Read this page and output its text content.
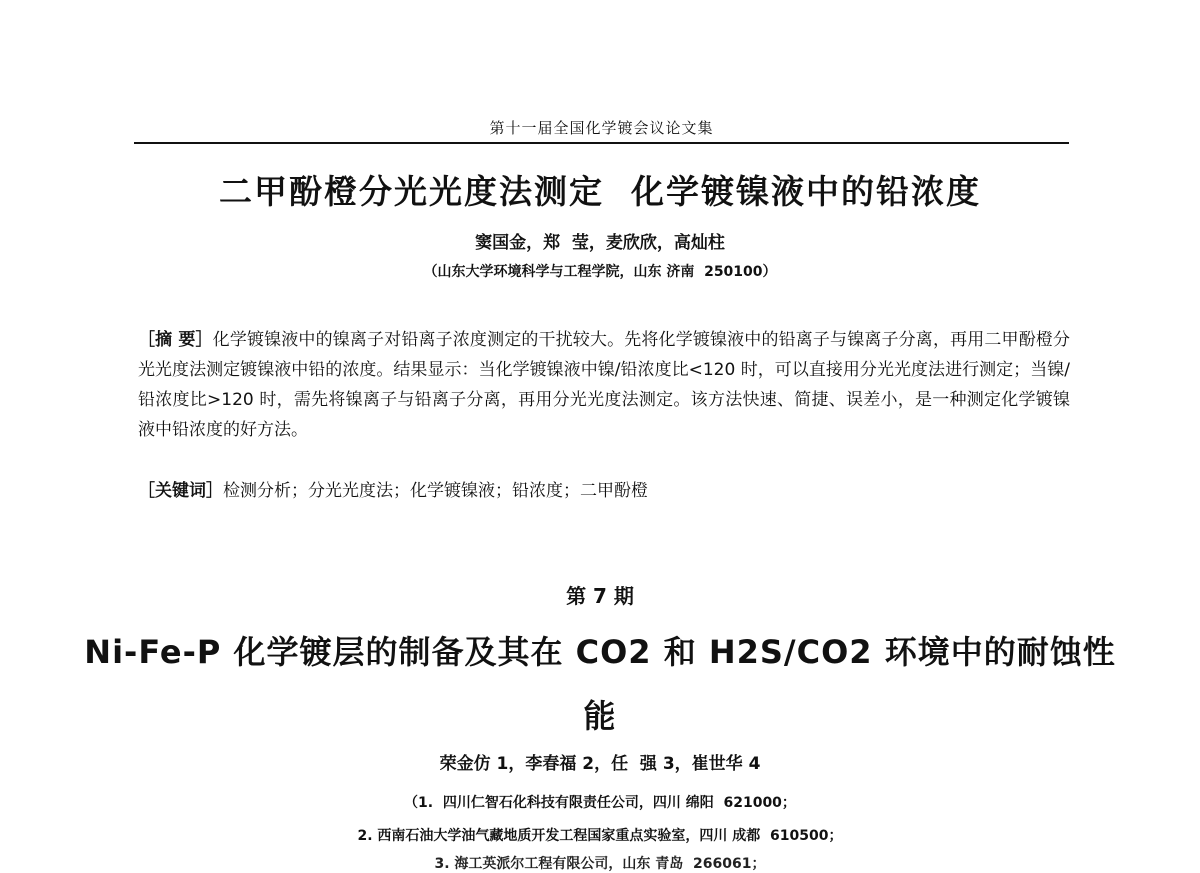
第十一届全国化学镀会议论文集
二甲酚橙分光光度法测定  化学镀镍液中的铅浓度
窦国金，郑  莹，麦欣欣，高灿柱
（山东大学环境科学与工程学院，山东 济南  250100）
［摘 要］化学镀镍液中的镍离子对铅离子浓度测定的干扰较大。先将化学镀镍液中的铅离子与镍离子分离，再用二甲酚橙分光光度法测定镀镍液中铅的浓度。结果显示：当化学镀镍液中镍/铅浓度比<120 时，可以直接用分光光度法进行测定；当镍/铅浓度比>120 时，需先将镍离子与铅离子分离，再用分光光度法测定。该方法快速、简捷、误差小，是一种测定化学镀镍液中铅浓度的好方法。
［关键词］检测分析；分光光度法；化学镀镍液；铅浓度；二甲酚橙
第 7 期
Ni-Fe-P 化学镀层的制备及其在 CO2 和 H2S/CO2 环境中的耐蚀性能
荣金仿 1，李春福 2，任  强 3，崔世华 4
（1.  四川仁智石化科技有限责任公司，四川 绵阳  621000；
2. 西南石油大学油气藏地质开发工程国家重点实验室，四川 成都  610500；
3. 海工英派尔工程有限公司，山东 青岛  266061；
